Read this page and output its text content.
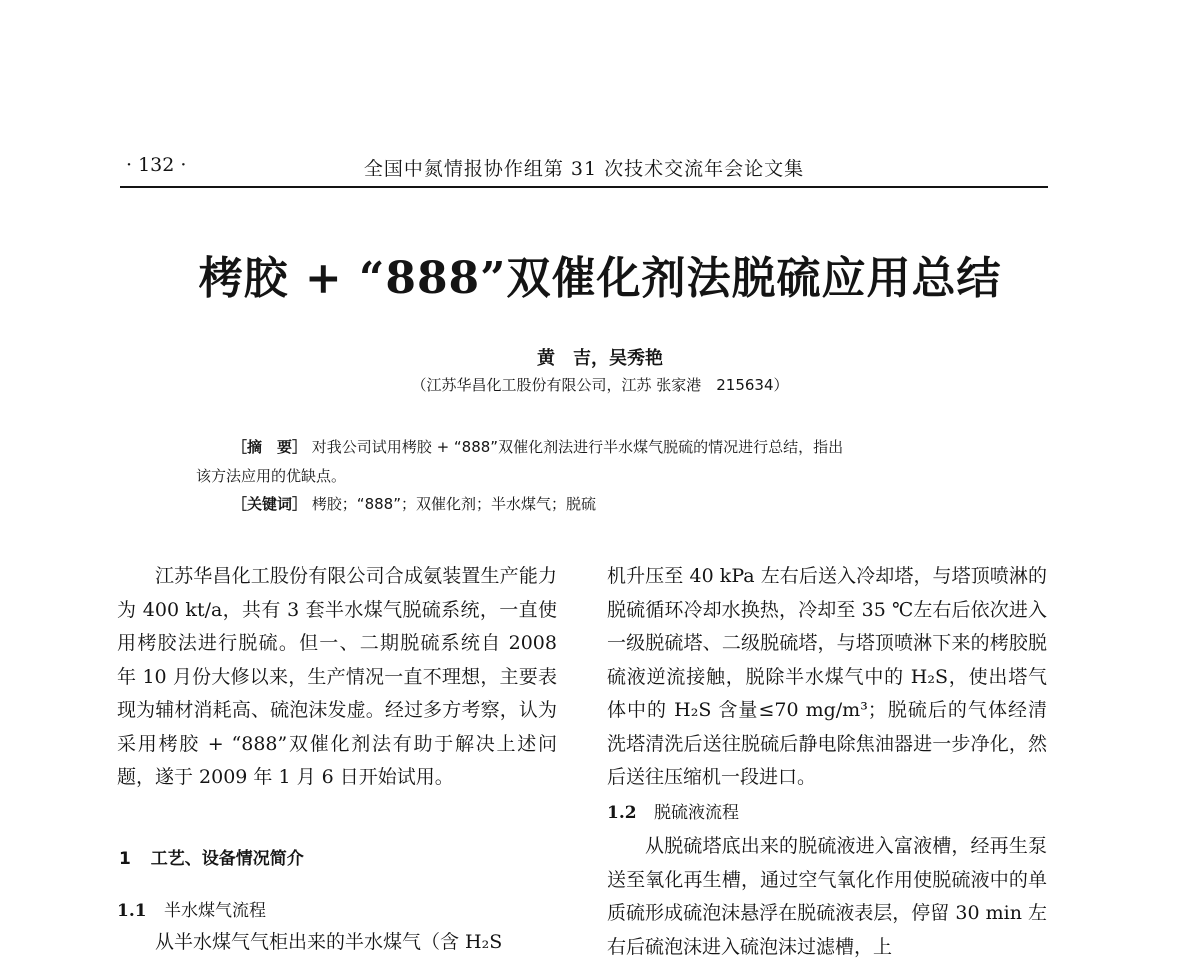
· 132 ·	全国中氮情报协作组第 31 次技术交流年会论文集
栲胶 + “888”双催化剂法脱硫应用总结
黄　吉，吴秀艳
（江苏华昌化工股份有限公司，江苏 张家港　215634）
［摘　要］ 对我公司试用栲胶 + “888”双催化剂法进行半水煤气脱硫的情况进行总结，指出
该方法应用的优缺点。
［关键词］ 栲胶；“888”；双催化剂；半水煤气；脱硫

江苏华昌化工股份有限公司合成氨装置生产能力为 400 kt/a，共有 3 套半水煤气脱硫系统，一直使用栲胶法进行脱硫。但一、二期脱硫系统自 2008 年 10 月份大修以来，生产情况一直不理想，主要表现为辅材消耗高、硫泡沫发虚。经过多方考察，认为采用栲胶 + “888”双催化剂法有助于解决上述问题，遂于 2009 年 1 月 6 日开始试用。

1 工艺、设备情况简介
1.1 半水煤气流程

从半水煤气气柜出来的半水煤气（含 H₂S

机升压至 40 kPa 左右后送入冷却塔，与塔顶喷淋的脱硫循环冷却水换热，冷却至 35 ℃左右后依次进入一级脱硫塔、二级脱硫塔，与塔顶喷淋下来的栲胶脱硫液逆流接触，脱除半水煤气中的 H₂S，使出塔气体中的 H₂S 含量≤70 mg/m³；脱硫后的气体经清洗塔清洗后送往脱硫后静电除焦油器进一步净化，然后送往压缩机一段进口。

1.2 脱硫液流程

从脱硫塔底出来的脱硫液进入富液槽，经再生泵送至氧化再生槽，通过空气氧化作用使脱硫液中的单质硫形成硫泡沫悬浮在脱硫液表层，停留 30 min 左右后硫泡沫进入硫泡沫过滤槽，上
